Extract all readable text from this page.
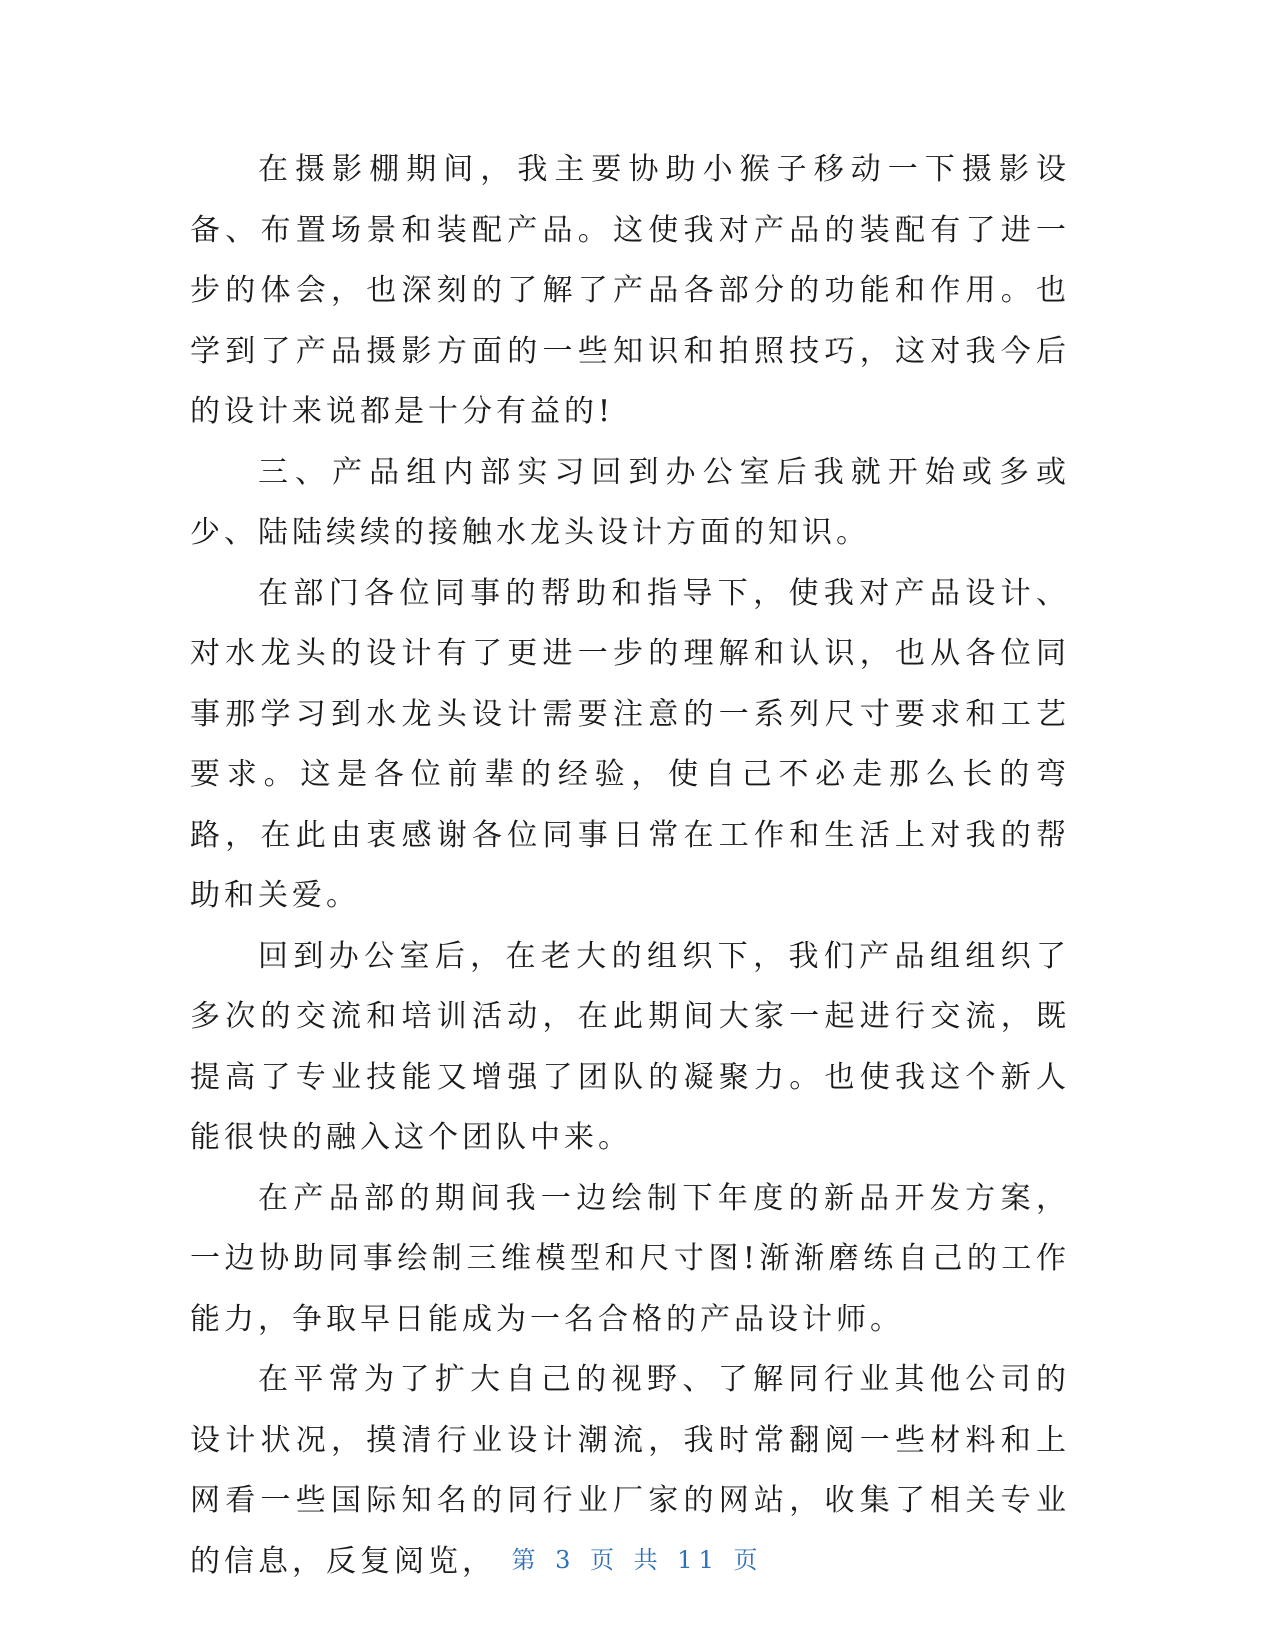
在摄影棚期间，我主要协助小猴子移动一下摄影设备、布置场景和装配产品。这使我对产品的装配有了进一步的体会，也深刻的了解了产品各部分的功能和作用。也学到了产品摄影方面的一些知识和拍照技巧，这对我今后的设计来说都是十分有益的!

三、产品组内部实习回到办公室后我就开始或多或少、陆陆续续的接触水龙头设计方面的知识。

在部门各位同事的帮助和指导下，使我对产品设计、对水龙头的设计有了更进一步的理解和认识，也从各位同事那学习到水龙头设计需要注意的一系列尺寸要求和工艺要求。这是各位前辈的经验，使自己不必走那么长的弯路，在此由衷感谢各位同事日常在工作和生活上对我的帮助和关爱。

回到办公室后，在老大的组织下，我们产品组组织了多次的交流和培训活动，在此期间大家一起进行交流，既提高了专业技能又增强了团队的凝聚力。也使我这个新人能很快的融入这个团队中来。

在产品部的期间我一边绘制下年度的新品开发方案，一边协助同事绘制三维模型和尺寸图!渐渐磨练自己的工作能力，争取早日能成为一名合格的产品设计师。

在平常为了扩大自己的视野、了解同行业其他公司的设计状况，摸清行业设计潮流，我时常翻阅一些材料和上网看一些国际知名的同行业厂家的网站，收集了相关专业的信息，反复阅览， 第 3 页 共 11 页
